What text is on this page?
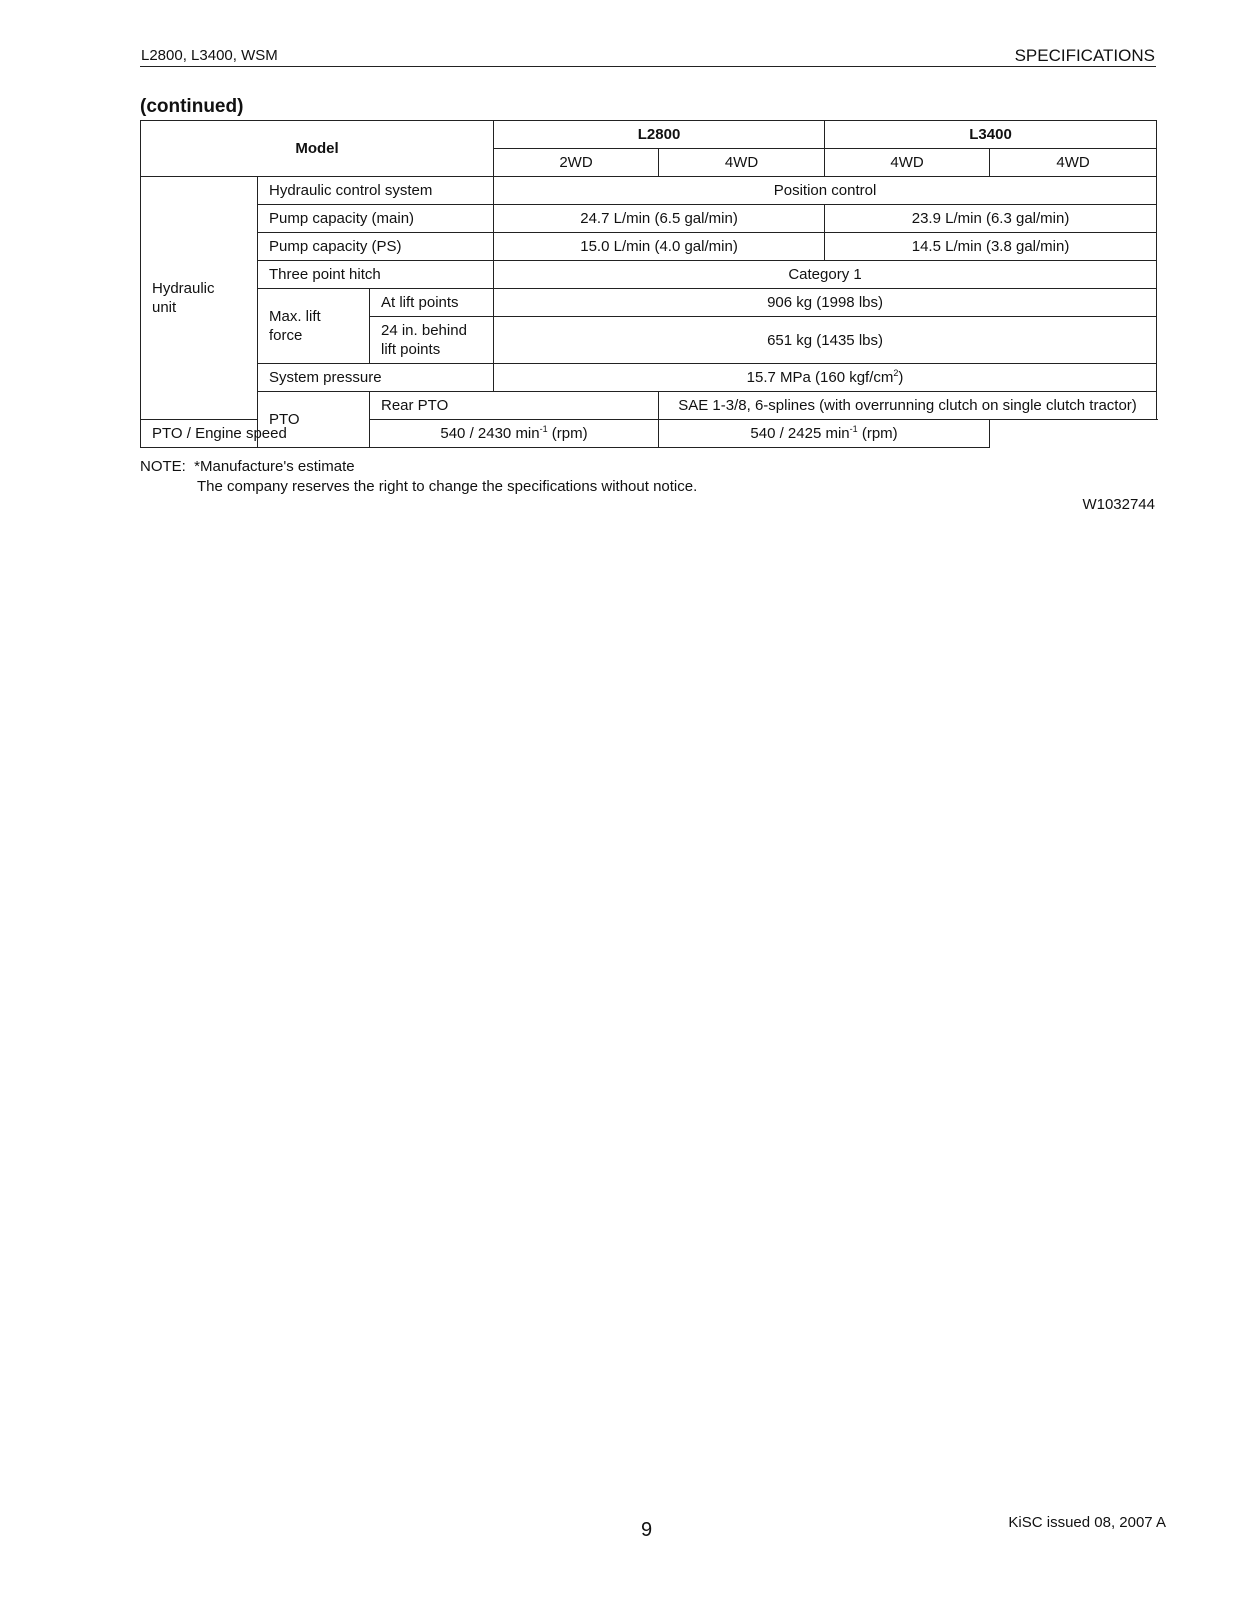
L2800, L3400, WSM	SPECIFICATIONS
(continued)
Model			L2800		L3400	
			2WD	4WD	4WD	4WD
Hydraulic unit	Hydraulic control system		Position control			
	Pump capacity (main)		24.7 L/min (6.5 gal/min)		23.9 L/min (6.3 gal/min)	
	Pump capacity (PS)		15.0 L/min (4.0 gal/min)		14.5 L/min (3.8 gal/min)	
	Three point hitch		Category 1			
	Max. lift force	At lift points	906 kg (1998 lbs)			
		24 in. behind lift points	651 kg (1435 lbs)			
	System pressure		15.7 MPa (160 kgf/$cm^2$)			
	PTO	Rear PTO		SAE 1-3/8, 6-splines (with overrunning clutch on single clutch tractor)		
PTO / Engine speed		540 / 2430 $\min^{-1} (rpm)$		540 / 2425 $\min^{-1} (rpm)$		
NOTE:  *Manufacture's estimate
The company reserves the right to change the specifications without notice.
W1032744
9	KiSC issued 08, 2007 A
